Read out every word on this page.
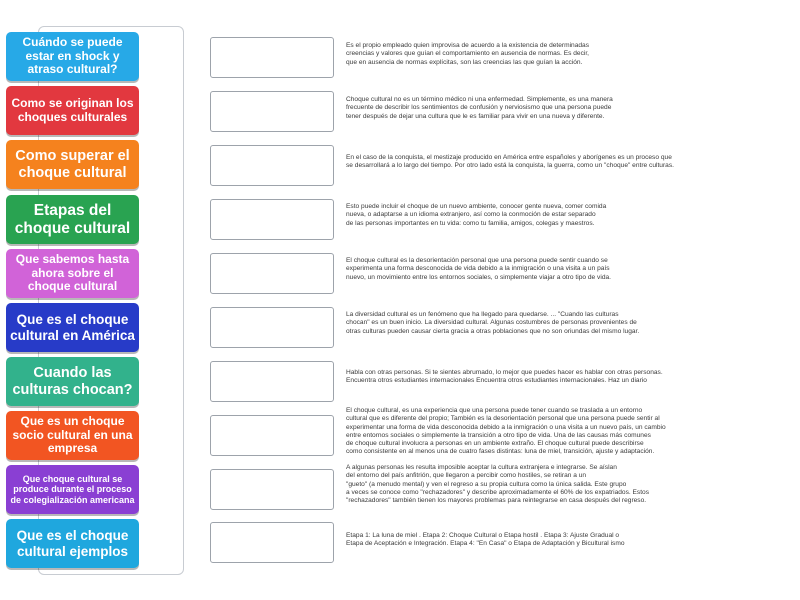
Cuándo se puede estar en shock y atraso cultural?
Como se originan los choques culturales
Como superar el choque cultural
Etapas del choque cultural
Que sabemos hasta ahora sobre el choque cultural
Que es el choque cultural en América
Cuando las culturas chocan?
Que es un choque socio cultural en una empresa
Que choque cultural se produce durante el proceso de colegialización americana
Que es el choque cultural ejemplos
Es el propio empleado quien improvisa de acuerdo a la existencia de determinadas
creencias y valores que guían el comportamiento en ausencia de normas. Es decir,
que en ausencia de normas explícitas, son las creencias las que guían la acción.
Choque cultural no es un término médico ni una enfermedad. Simplemente, es una manera
frecuente de describir los sentimientos de confusión y nerviosismo que una persona puede
tener después de dejar una cultura que le es familiar para vivir en una nueva y diferente.
En el caso de la conquista, el mestizaje producido en América entre españoles y aborígenes es un proceso que
se desarrollará a lo largo del tiempo. Por otro lado está la conquista, la guerra, como un "choque" entre culturas.
Esto puede incluir el choque de un nuevo ambiente, conocer gente nueva, comer comida
nueva, o adaptarse a un idioma extranjero, así como la conmoción de estar separado
de las personas importantes en tu vida: como tu familia, amigos, colegas y maestros.
El choque cultural es la desorientación personal que una persona puede sentir cuando se
experimenta una forma desconocida de vida debido a la inmigración o una visita a un país
nuevo, un movimiento entre los entornos sociales, o simplemente viajar a otro tipo de vida.
La diversidad cultural es un fenómeno que ha llegado para quedarse. ... "Cuando las culturas
chocan" es un buen inicio. La diversidad cultural. Algunas costumbres de personas provenientes de
otras culturas pueden causar cierta gracia a otras poblaciones que no son oriundas del mismo lugar.
Habla con otras personas. Si te sientes abrumado, lo mejor que puedes hacer es hablar con otras personas.
Encuentra otros estudiantes internacionales Encuentra otros estudiantes internacionales. Haz un diario
El choque cultural, es una experiencia que una persona puede tener cuando se traslada a un entorno
cultural que es diferente del propio; También es la desorientación personal que una persona puede sentir al
experimentar una forma de vida desconocida debido a la inmigración o una visita a un nuevo país, un cambio
entre entornos sociales o simplemente la transición a otro tipo de vida. Una de las causas más comunes
de choque cultural involucra a personas en un ambiente extraño. El choque cultural puede describirse
como consistente en al menos una de cuatro fases distintas: luna de miel, transición, ajuste y adaptación.
A algunas personas les resulta imposible aceptar la cultura extranjera e integrarse. Se aíslan
del entorno del país anfitrión, que llegaron a percibir como hostiles, se retiran a un
"gueto" (a menudo mental) y ven el regreso a su propia cultura como la única salida. Este grupo
a veces se conoce como "rechazadores" y describe aproximadamente el 60% de los expatriados. Estos
"rechazadores" también tienen los mayores problemas para reintegrarse en casa después del regreso.
Etapa 1: La luna de miel . Etapa 2: Choque Cultural o Etapa hostil . Etapa 3: Ajuste Gradual o
Etapa de Aceptación e Integración. Etapa 4: "En Casa" o Etapa de Adaptación y Bicultural ismo
